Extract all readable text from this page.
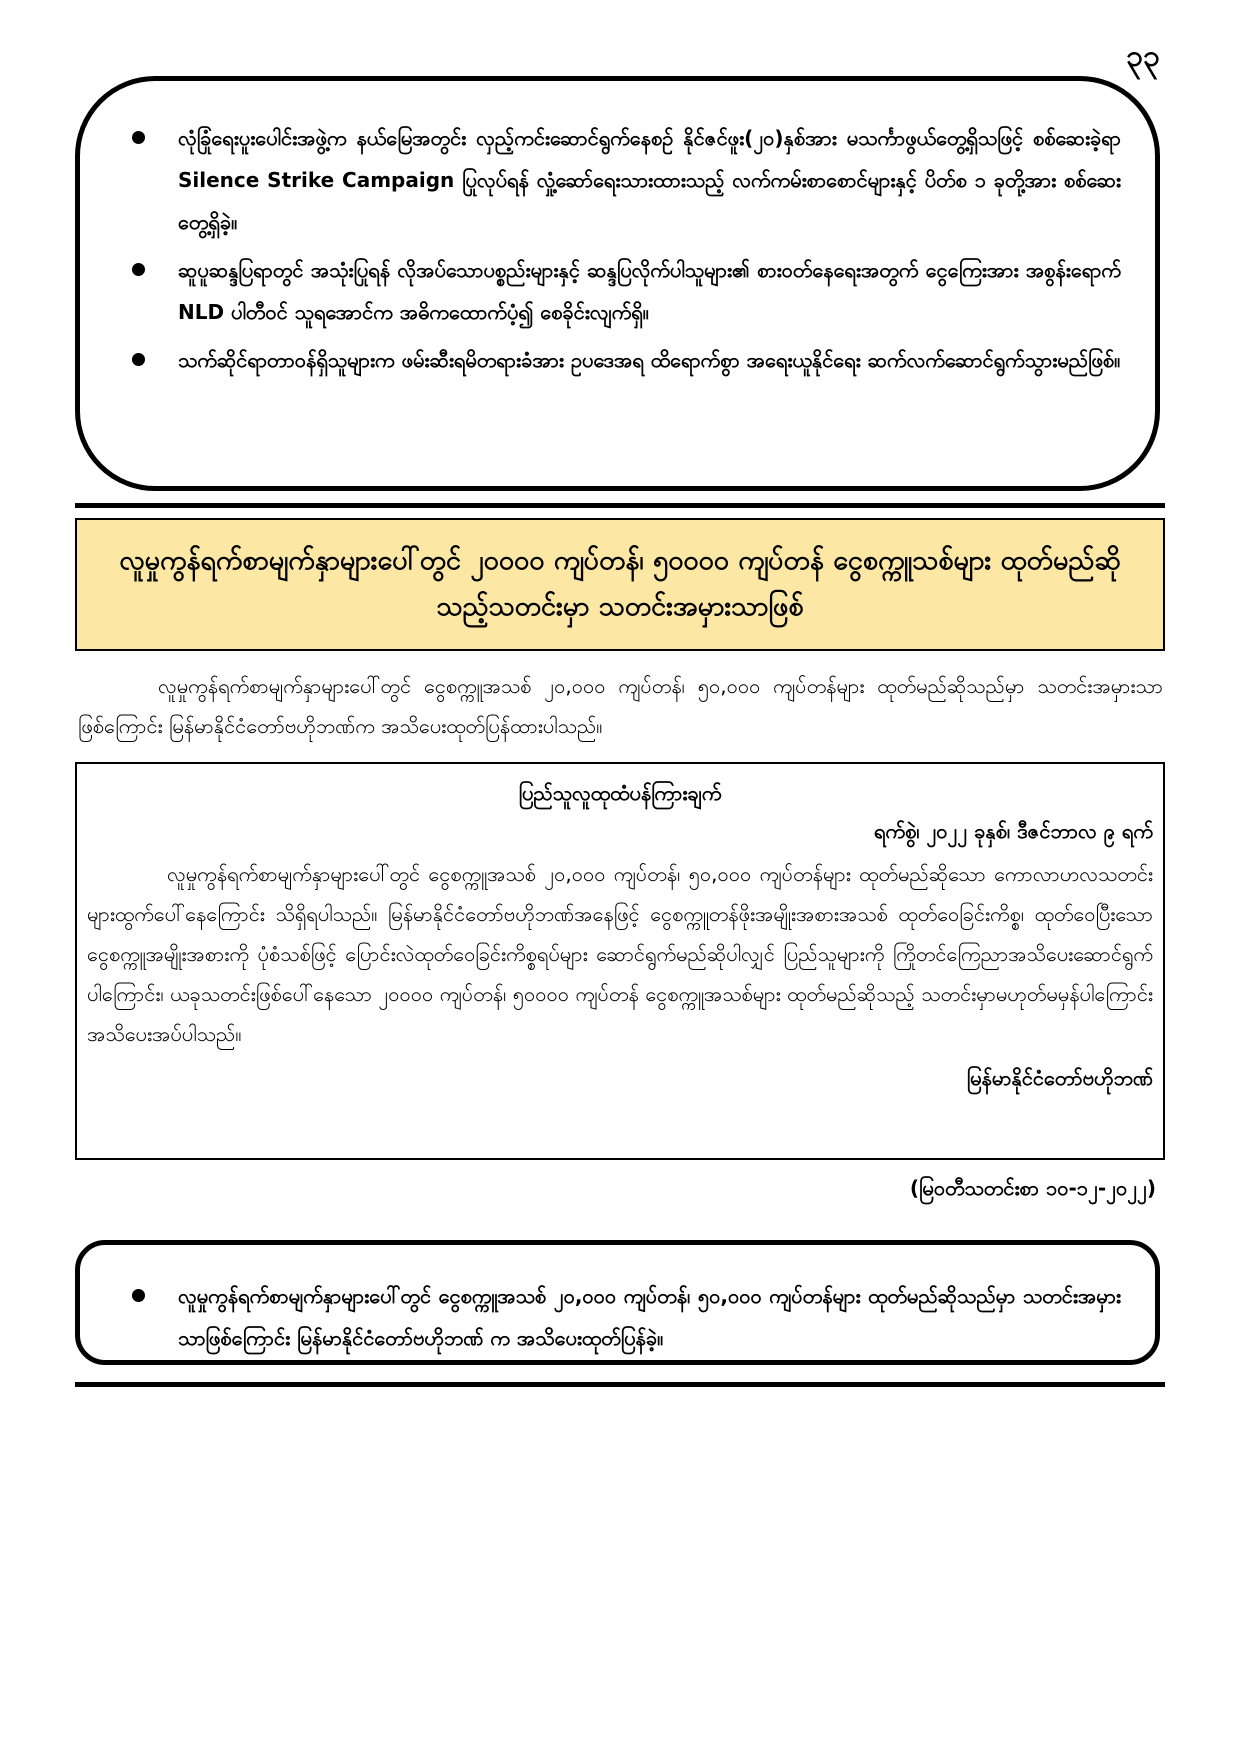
၃၃
လုံခြုံရေးပူးပေါင်းအဖွဲ့က နယ်မြေအတွင်း လှည့်ကင်းဆောင်ရွက်နေစဉ် နိုင်ဇင်ဖူး(၂၀)နှစ်အား မသင်္ကာဖွယ်တွေ့ရှိသဖြင့် စစ်ဆေးခဲ့ရာ Silence Strike Campaign ပြုလုပ်ရန် လှုံ့ဆော်ရေးသားထားသည့် လက်ကမ်းစာစောင်များနှင့် ပိတ်စ ၁ ခုတို့အား စစ်ဆေးတွေ့ရှိခဲ့။
ဆူပူဆန္ဒပြရာတွင် အသုံးပြုရန် လိုအပ်သောပစ္စည်းများနှင့် ဆန္ဒပြလိုက်ပါသူများ၏ စားဝတ်နေရေးအတွက် ငွေကြေးအား အစွန်းရောက် NLD ပါတီဝင် သူရအောင်က အဓိကထောက်ပံ့၍ စေခိုင်းလျက်ရှိ။
သက်ဆိုင်ရာတာဝန်ရှိသူများက ဖမ်းဆီးရမိတရားခံအား ဥပဒေအရ ထိရောက်စွာ အရေးယူနိုင်ရေး ဆက်လက်ဆောင်ရွက်သွားမည်ဖြစ်။
လူမှုကွန်ရက်စာမျက်နှာများပေါ်တွင် ၂၀၀၀၀ ကျပ်တန်၊ ၅၀၀၀၀ ကျပ်တန် ငွေစက္ကူသစ်များ ထုတ်မည်ဆိုသည့်သတင်းမှာ သတင်းအမှားသာဖြစ်

လူမှုကွန်ရက်စာမျက်နှာများပေါ်တွင် ငွေစက္ကူအသစ် ၂၀,၀၀၀ ကျပ်တန်၊ ၅၀,၀၀၀ ကျပ်တန်များ ထုတ်မည်ဆိုသည်မှာ သတင်းအမှားသာဖြစ်ကြောင်း မြန်မာနိုင်ငံတော်ဗဟိုဘဏ်က အသိပေးထုတ်ပြန်ထားပါသည်။

ပြည်သူလူထုထံပန်ကြားချက်

ရက်စွဲ၊ ၂၀၂၂ ခုနှစ်၊ ဒီဇင်ဘာလ ၉ ရက်

လူမှုကွန်ရက်စာမျက်နှာများပေါ်တွင် ငွေစက္ကူအသစ် ၂၀,၀၀၀ ကျပ်တန်၊ ၅၀,၀၀၀ ကျပ်တန်များ ထုတ်မည်ဆိုသော ကောလာဟလသတင်းများထွက်ပေါ်နေကြောင်း သိရှိရပါသည်။ မြန်မာနိုင်ငံတော်ဗဟိုဘဏ်အနေဖြင့် ငွေစက္ကူတန်ဖိုးအမျိုးအစားအသစ် ထုတ်ဝေခြင်းကိစ္စ၊ ထုတ်ဝေပြီးသော ငွေစက္ကူအမျိုးအစားကို ပုံစံသစ်ဖြင့် ပြောင်းလဲထုတ်ဝေခြင်းကိစ္စရပ်များ ဆောင်ရွက်မည်ဆိုပါလျှင် ပြည်သူများကို ကြိုတင်ကြေညာအသိပေးဆောင်ရွက်ပါကြောင်း၊ ယခုသတင်းဖြစ်ပေါ်နေသော ၂၀၀၀၀ ကျပ်တန်၊ ၅၀၀၀၀ ကျပ်တန် ငွေစက္ကူအသစ်များ ထုတ်မည်ဆိုသည့် သတင်းမှာမဟုတ်မမှန်ပါကြောင်း အသိပေးအပ်ပါသည်။

မြန်မာနိုင်ငံတော်ဗဟိုဘဏ်

(မြဝတီသတင်းစာ ၁၀-၁၂-၂၀၂၂)
လူမှုကွန်ရက်စာမျက်နှာများပေါ်တွင် ငွေစက္ကူအသစ် ၂၀,၀၀၀ ကျပ်တန်၊ ၅၀,၀၀၀ ကျပ်တန်များ ထုတ်မည်ဆိုသည်မှာ သတင်းအမှားသာဖြစ်ကြောင်း မြန်မာနိုင်ငံတော်ဗဟိုဘဏ် က အသိပေးထုတ်ပြန်ခဲ့။
